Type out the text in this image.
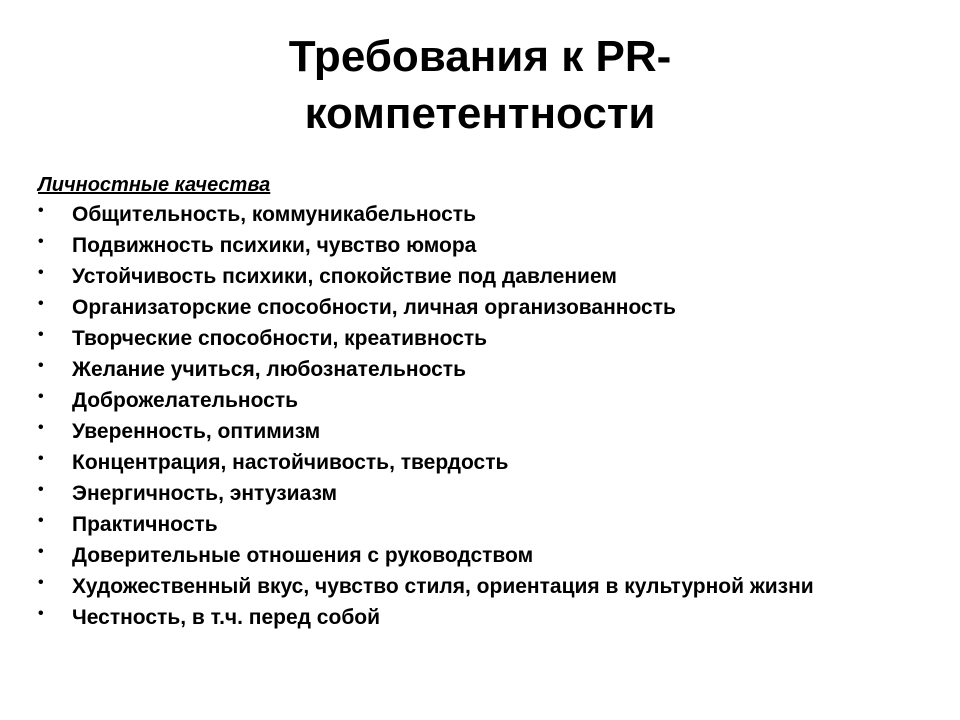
Требования к PR-
компетентности
Личностные качества
• Общительность, коммуникабельность
• Подвижность психики, чувство юмора
• Устойчивость психики, спокойствие под давлением
• Организаторские способности, личная организованность
• Творческие способности, креативность
• Желание учиться, любознательность
• Доброжелательность
• Уверенность, оптимизм
• Концентрация, настойчивость, твердость
• Энергичность, энтузиазм
• Практичность
• Доверительные отношения с руководством
• Художественный вкус, чувство стиля, ориентация в культурной жизни
• Честность, в т.ч. перед собой
